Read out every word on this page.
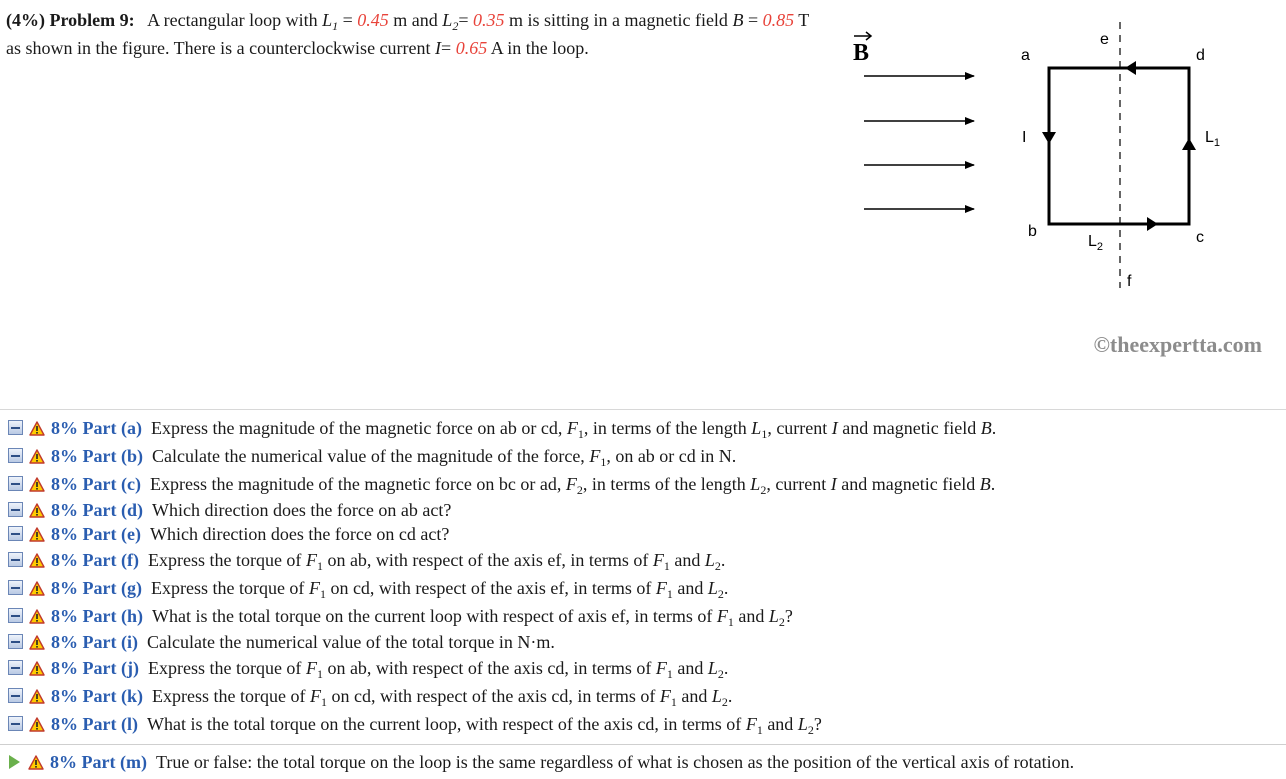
(4%) Problem 9: A rectangular loop with $L_1 = 0.45$ m and $L_2= 0.35$ m is sitting in a magnetic field B = 0.85 T as shown in the figure. There is a counterclockwise current I= 0.65 A in the loop.	B	a	d
b	c
e
f
I	$L_1$
$L_2$
©theexpertta.com
8% Part (a) Express the magnitude of the magnetic force on ab or cd, $F_1$, in terms of the length $L_1$, current I and magnetic field B.
8% Part (b) Calculate the numerical value of the magnitude of the force, $F_1$, on ab or cd in N.
8% Part (c) Express the magnitude of the magnetic force on bc or ad, $F_2$, in terms of the length $L_2$, current I and magnetic field B.
8% Part (d) Which direction does the force on ab act?
8% Part (e) Which direction does the force on cd act?
8% Part (f) Express the torque of $F_1$ on ab, with respect of the axis ef, in terms of $F_1$ and $L_2$.
8% Part (g) Express the torque of $F_1$ on cd, with respect of the axis ef, in terms of $F_1$ and $L_2$.
8% Part (h) What is the total torque on the current loop with respect of axis ef, in terms of $F_1$ and $L_2$?
8% Part (i) Calculate the numerical value of the total torque in N·m.
8% Part (j) Express the torque of $F_1$ on ab, with respect of the axis cd, in terms of $F_1$ and $L_2$.
8% Part (k) Express the torque of $F_1$ on cd, with respect of the axis cd, in terms of $F_1$ and $L_2$.
8% Part (l) What is the total torque on the current loop, with respect of the axis cd, in terms of $F_1$ and $L_2$?
8% Part (m) True or false: the total torque on the loop is the same regardless of what is chosen as the position of the vertical axis of rotation.
